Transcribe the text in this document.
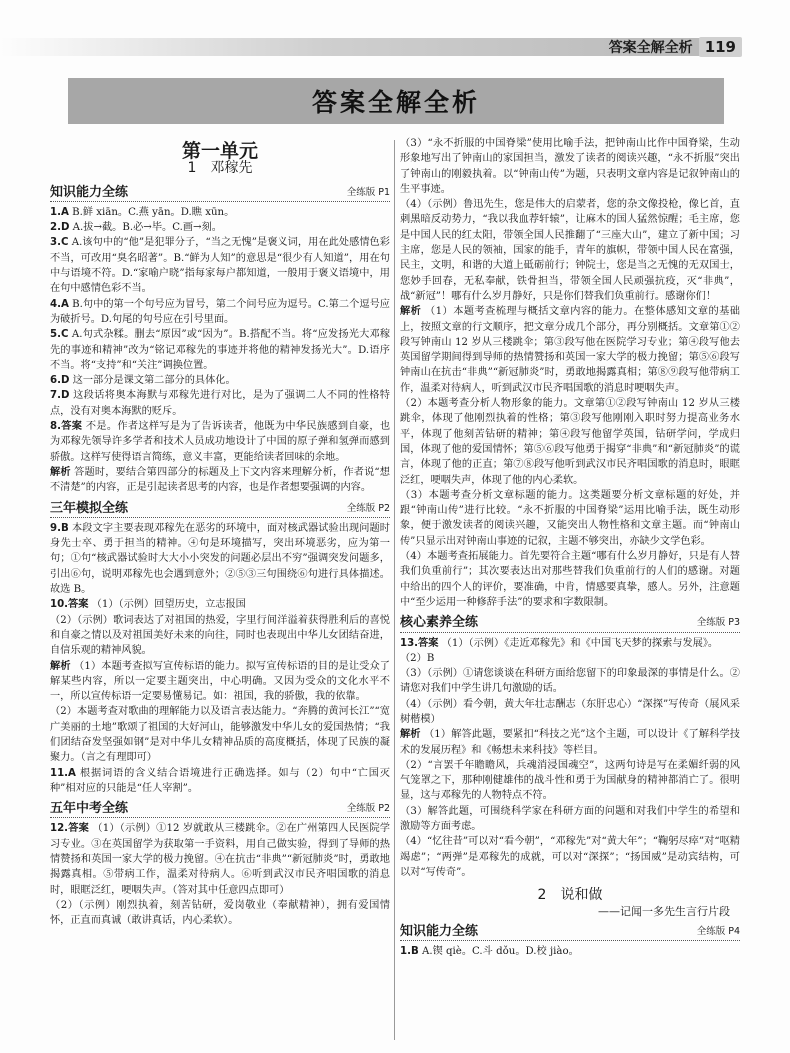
答案全解全析 119
答案全解全析
第一单元
1　邓稼先
知识能力全练	全练版 P1

1.A B.鲜 xiān。C.燕 yān。D.瞧 xūn。

2.D A.拔→截。B.必→毕。C.画→刻。

3.C A.该句中的“他”是犯罪分子，“当之无愧”是褒义词，用在此处感情色彩不当，可改用“臭名昭著”。B.“鲜为人知”的意思是“很少有人知道”，用在句中与语境不符。D.“家喻户晓”指每家每户都知道，一般用于褒义语境中，用在句中感情色彩不当。

4.A B.句中的第一个句号应为冒号，第二个问号应为逗号。C.第二个逗号应为破折号。D.句尾的句号应在引号里面。

5.C A.句式杂糅。删去“原因”或“因为”。B.搭配不当。将“应发扬光大邓稼先的事迹和精神”改为“铭记邓稼先的事迹并将他的精神发扬光大”。D.语序不当。将“支持”和“关注”调换位置。

6.D 这一部分是课文第二部分的具体化。

7.D 这段话将奥本海默与邓稼先进行对比，是为了强调二人不同的性格特点，没有对奥本海默的贬斥。

8.答案 不是。作者这样写是为了告诉读者，他既为中华民族感到自豪，也为邓稼先领导许多学者和技术人员成功地设计了中国的原子弹和氢弹而感到骄傲。这样写使得语言简练，意义丰富，更能给读者回味的余地。

解析 答题时，要结合第四部分的标题及上下文内容来理解分析，作者说“想不清楚”的内容，正是引起读者思考的内容，也是作者想要强调的内容。

三年模拟全练	全练版 P2

9.B 本段文字主要表现邓稼先在恶劣的环境中，面对核武器试验出现问题时身先士卒、勇于担当的精神。④句是环境描写，突出环境恶劣，应为第一句；①句“核武器试验时大大小小突发的问题必层出不穷”强调突发问题多，引出⑥句，说明邓稼先也会遇到意外；②⑤③三句围绕⑥句进行具体描述。故选 B。

10.答案 （1）（示例）回望历史，立志报国

（2）（示例）歌词表达了对祖国的热爱，字里行间洋溢着获得胜利后的喜悦和自豪之情以及对祖国美好未来的向往，同时也表现出中华儿女团结奋进，自信乐观的精神风貌。

解析 （1）本题考查拟写宣传标语的能力。拟写宣传标语的目的是让受众了解某些内容，所以一定要主题突出，中心明确。又因为受众的文化水平不一，所以宣传标语一定要易懂易记。如：祖国，我的骄傲，我的依靠。

（2）本题考查对歌曲的理解能力以及语言表达能力。“奔腾的黄河长江”“宽广美丽的土地”歌颂了祖国的大好河山，能够激发中华儿女的爱国热情；“我们团结奋发坚强如钢”是对中华儿女精神品质的高度概括，体现了民族的凝聚力。（言之有理即可）

11.A 根据词语的含义结合语境进行正确选择。如与（2）句中“亡国灭种”相对应的只能是“任人宰割”。

五年中考全练	全练版 P2

12.答案 （1）（示例）①12 岁就敢从三楼跳伞。②在广州第四人民医院学习专业。③在英国留学为获取第一手资料，用自己做实验，得到了导师的热情赞扬和英国一家大学的极力挽留。④在抗击“非典”“新冠肺炎”时，勇敢地揭露真相。⑤带病工作，温柔对待病人。⑥听到武汉市民齐唱国歌的消息时，眼眶泛红，哽咽失声。（答对其中任意四点即可）

（2）（示例）刚烈执着，刻苦钻研，爱岗敬业（奉献精神），拥有爱国情怀，正直而真诚（敢讲真话，内心柔软）。

（3）“永不折服的中国脊梁”使用比喻手法，把钟南山比作中国脊梁，生动形象地写出了钟南山的家国担当，激发了读者的阅读兴趣，“永不折服”突出了钟南山的刚毅执着。以“钟南山传”为题，只表明文章内容是记叙钟南山的生平事迹。

（4）（示例）鲁迅先生，您是伟大的启蒙者，您的杂文像投枪，像匕首，直刺黑暗反动势力，“我以我血荐轩辕”，让麻木的国人猛然惊醒；毛主席，您是中国人民的红太阳，带领全国人民推翻了“三座大山”，建立了新中国；习主席，您是人民的领袖，国家的能手，青年的旗帜，带领中国人民在富强，民主，文明，和谐的大道上砥砺前行；钟院士，您是当之无愧的无双国士，您妙手回春，无私奉献，铁骨担当，带领全国人民顽强抗疫，灭“非典”，战“新冠”！哪有什么岁月静好，只是你们替我们负重前行。感谢你们！

解析 （1）本题考查梳理与概括文章内容的能力。在整体感知文章的基础上，按照文章的行文顺序，把文章分成几个部分，再分别概括。文章第①②段写钟南山 12 岁从三楼跳伞；第③段写他在医院学习专业；第④段写他去英国留学期间得到导师的热情赞扬和英国一家大学的极力挽留；第⑤⑥段写钟南山在抗击“非典”“新冠肺炎”时，勇敢地揭露真相；第⑧⑨段写他带病工作，温柔对待病人，听到武汉市民齐唱国歌的消息时哽咽失声。

（2）本题考查分析人物形象的能力。文章第①②段写钟南山 12 岁从三楼跳伞，体现了他刚烈执着的性格；第③段写他刚刚入职时努力提高业务水平，体现了他刻苦钻研的精神；第④段写他留学英国，钻研学问，学成归国，体现了他的爱国情怀；第⑤⑥段写他勇于揭穿“非典”和“新冠肺炎”的谎言，体现了他的正直；第⑦⑧段写他听到武汉市民齐唱国歌的消息时，眼眶泛红，哽咽失声，体现了他的内心柔软。

（3）本题考查分析文章标题的能力。这类题要分析文章标题的好处，并跟“钟南山传”进行比较。“永不折服的中国脊梁”运用比喻手法，既生动形象，便于激发读者的阅读兴趣，又能突出人物性格和文章主题。而“钟南山传”只显示出对钟南山事迹的记叙，主题不够突出，亦缺少文学色彩。

（4）本题考查拓展能力。首先要符合主题“哪有什么岁月静好，只是有人替我们负重前行”；其次要表达出对那些替我们负重前行的人们的感谢。对题中给出的四个人的评价，要准确，中肯，情感要真挚，感人。另外，注意题中“至少运用一种修辞手法”的要求和字数限制。

核心素养全练	全练版 P3

13.答案 （1）（示例）《走近邓稼先》和《中国飞天梦的探索与发展》。

（2）B

（3）（示例）①请您谈谈在科研方面给您留下的印象最深的事情是什么。②请您对我们中学生讲几句激励的话。

（4）（示例）看今朝，黄大年壮志酬志（东肝忠心）“深探”写传奇（展风采　树楷模）

解析 （1）解答此题，要紧扣“科技之光”这个主题，可以设计《了解科学技术的发展历程》和《畅想未来科技》等栏目。

（2）“言罢千年瞻瞻风，兵魂消浸国魂空”，这两句诗是写在柔媚纤弱的风气笼罩之下，那种刚健雄伟的战斗性和勇于为国献身的精神都消亡了。很明显，这与邓稼先的人物特点不符。

（3）解答此题，可围绕科学家在科研方面的问题和对我们中学生的希望和激励等方面考虑。

（4）“忆往昔”可以对“看今朝”，“邓稼先”对“黄大年”；“鞠躬尽瘁”对“呕精竭虑”；“两弹”是邓稼先的成就，可以对“深探”；“扬国威”是动宾结构，可以对“写传奇”。

2　说和做
——记闻一多先生言行片段
知识能力全练	全练版 P4

1.B A.锲 qiè。C.斗 dǒu。D.校 jiào。
